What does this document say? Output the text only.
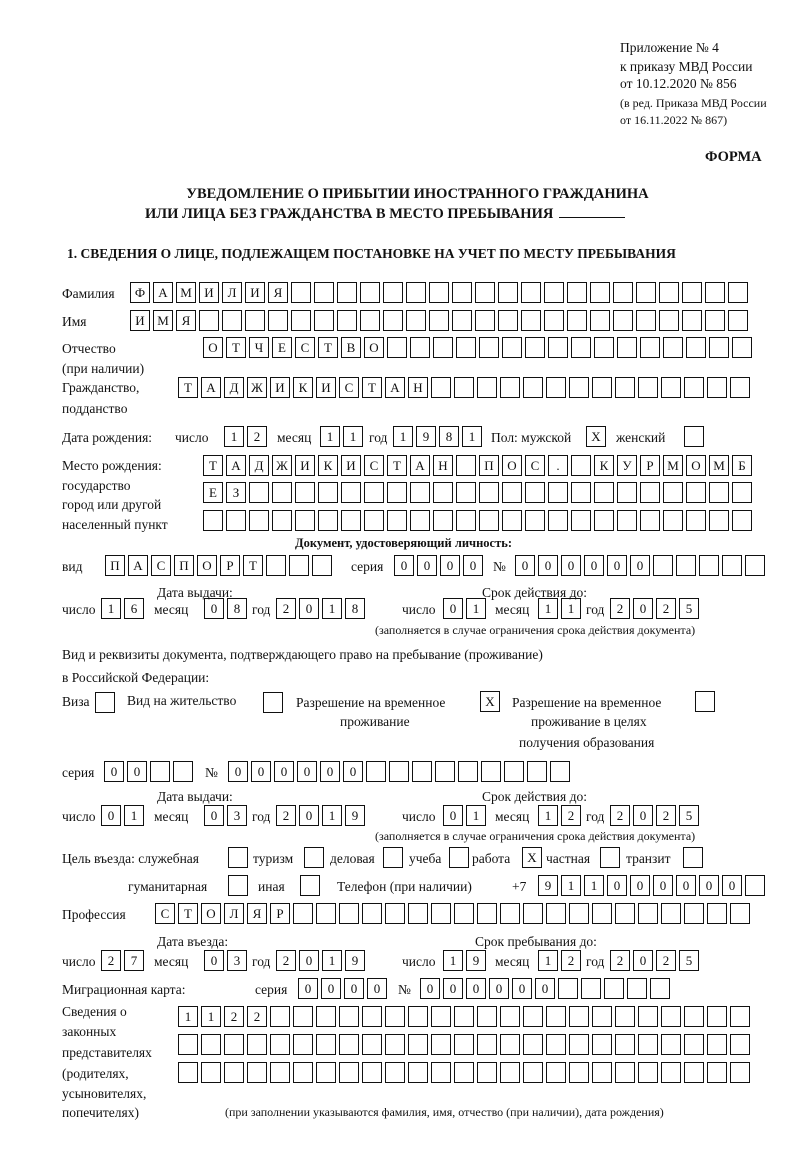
Приложение № 4
к приказу МВД России
от 10.12.2020 № 856
(в ред. Приказа МВД России
от 16.11.2022 № 867)
ФОРМА
УВЕДОМЛЕНИЕ О ПРИБЫТИИ ИНОСТРАННОГО ГРАЖДАНИНА
ИЛИ ЛИЦА БЕЗ ГРАЖДАНСТВА В МЕСТО ПРЕБЫВАНИЯ
1. СВЕДЕНИЯ О ЛИЦЕ, ПОДЛЕЖАЩЕМ ПОСТАНОВКЕ НА УЧЕТ ПО МЕСТУ ПРЕБЫВАНИЯ
Фамилия	Ф	А М И	Л	И	Я
Имя	И М Я
Отчество
(при наличии)
О	Т	Ч	Е	С	Т	В	О
Гражданство,
подданство
Т	А	Д Ж И	К	И	С	Т	А	Н
Дата рождения: число	1	2	месяц	1	1 год 1	9	8	1	Пол: мужской	X	женский
Место рождения:
государство
город или другой
населенный пункт
Т	А	Д Ж И	К	И	С	Т	А	Н	П	О	С	.	К	У	Р	М О М	Б
Е	З
Документ, удостоверяющий личность:
вид	П	А	С	П	О	Р	Т	серия	0	0	0	0	№	0	0	0	0	0	0
Дата выдачи:	Срок действия до:
число 1	6	месяц	0	8 год 2	0	1	8	число	0	1	месяц	1	1 год 2	0	2	5
(заполняется в случае ограничения срока действия документа)
Вид и реквизиты документа, подтверждающего право на пребывание (проживание)
в Российской Федерации:
Виза	Вид на жительство	Разрешение на временное
проживание
X	Разрешение на временное
проживание в целях
получения образования
серия	0	0	№	0	0	0	0	0	0
Дата выдачи:	Срок действия до:
число 0	1	месяц	0	3 год 2	0	1	9	число	0	1	месяц	1	2 год 2	0	2	5
(заполняется в случае ограничения срока действия документа)
Цель въезда: служебная	туризм	деловая	учеба работа	X частная	транзит
гуманитарная	иная	Телефон (при наличии)	+7	9	1	1	0	0	0	0	0	0
Профессия	С	Т	О	Л	Я	Р
Дата въезда:	Срок пребывания до:
число 2	7	месяц	0	3 год 2	0	1	9	число	1	9	месяц	1	2 год 2	0	2	5
Миграционная карта:	серия	0	0	0	0	№	0	0	0	0	0	0
Сведения о
законных
представителях
(родителях,
усыновителях,
попечителях)
1	1	2	2
(при заполнении указываются фамилия, имя, отчество (при наличии), дата рождения)
